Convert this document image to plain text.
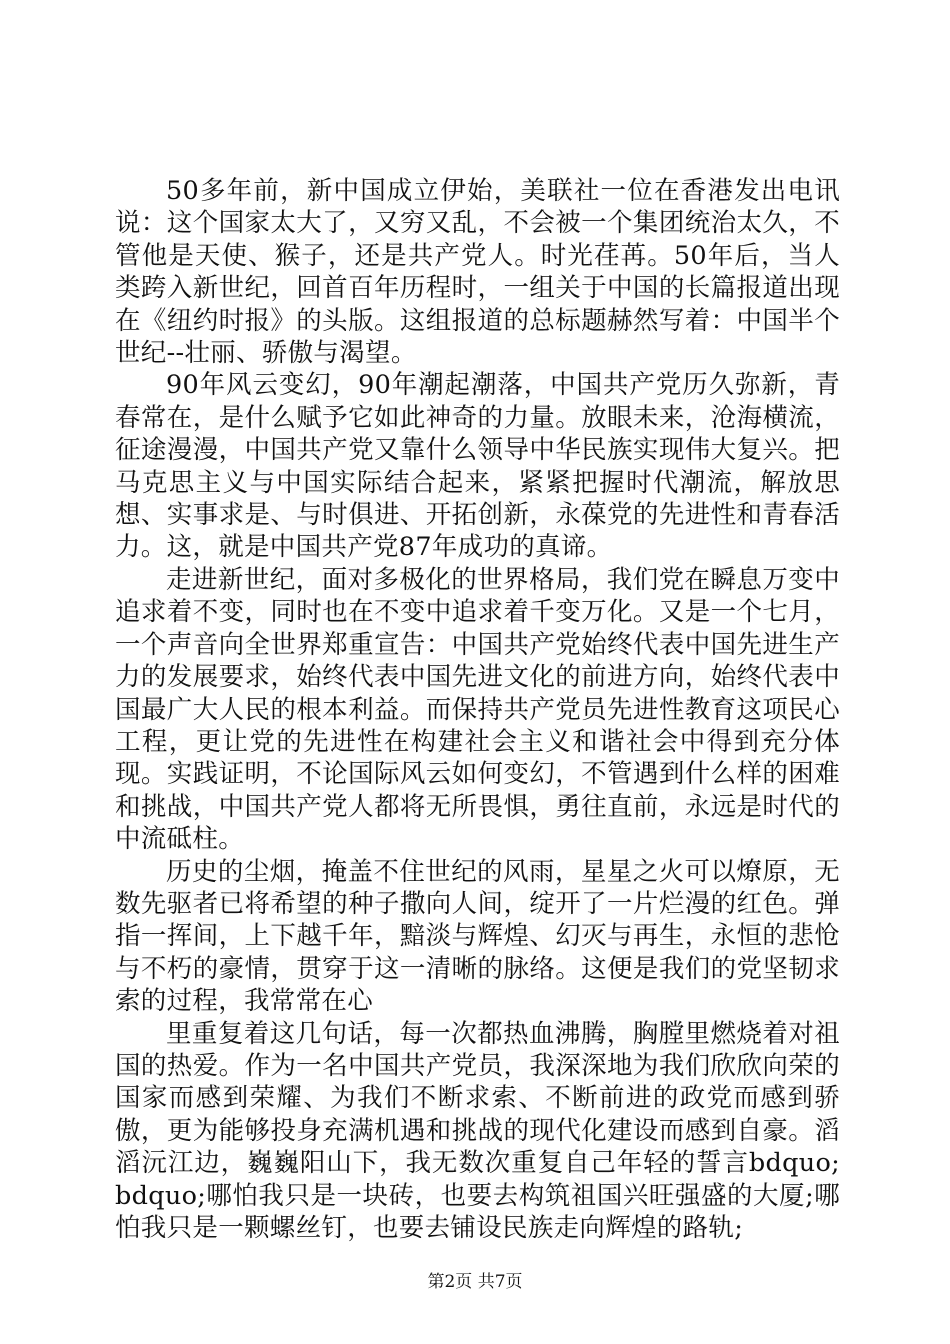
50多年前，新中国成立伊始，美联社一位在香港发出电讯说：这个国家太大了，又穷又乱，不会被一个集团统治太久，不管他是天使、猴子，还是共产党人。时光荏苒。50年后，当人类跨入新世纪，回首百年历程时，一组关于中国的长篇报道出现在《纽约时报》的头版。这组报道的总标题赫然写着：中国半个世纪--壮丽、骄傲与渴望。

90年风云变幻，90年潮起潮落，中国共产党历久弥新，青春常在，是什么赋予它如此神奇的力量。放眼未来，沧海横流，征途漫漫，中国共产党又靠什么领导中华民族实现伟大复兴。把马克思主义与中国实际结合起来，紧紧把握时代潮流，解放思想、实事求是、与时俱进、开拓创新，永葆党的先进性和青春活力。这，就是中国共产党87年成功的真谛。

走进新世纪，面对多极化的世界格局，我们党在瞬息万变中追求着不变，同时也在不变中追求着千变万化。又是一个七月，一个声音向全世界郑重宣告：中国共产党始终代表中国先进生产力的发展要求，始终代表中国先进文化的前进方向，始终代表中国最广大人民的根本利益。而保持共产党员先进性教育这项民心工程，更让党的先进性在构建社会主义和谐社会中得到充分体现。实践证明，不论国际风云如何变幻，不管遇到什么样的困难和挑战，中国共产党人都将无所畏惧，勇往直前，永远是时代的中流砥柱。

历史的尘烟，掩盖不住世纪的风雨，星星之火可以燎原，无数先驱者已将希望的种子撒向人间，绽开了一片烂漫的红色。弹指一挥间，上下越千年，黯淡与辉煌、幻灭与再生，永恒的悲怆与不朽的豪情，贯穿于这一清晰的脉络。这便是我们的党坚韧求索的过程，我常常在心

里重复着这几句话，每一次都热血沸腾，胸膛里燃烧着对祖国的热爱。作为一名中国共产党员，我深深地为我们欣欣向荣的国家而感到荣耀、为我们不断求索、不断前进的政党而感到骄傲，更为能够投身充满机遇和挑战的现代化建设而感到自豪。滔滔沅江边，巍巍阳山下，我无数次重复自己年轻的誓言bdquo;bdquo;哪怕我只是一块砖，也要去构筑祖国兴旺强盛的大厦;哪怕我只是一颗螺丝钉，也要去铺设民族走向辉煌的路轨;

第2页 共7页
